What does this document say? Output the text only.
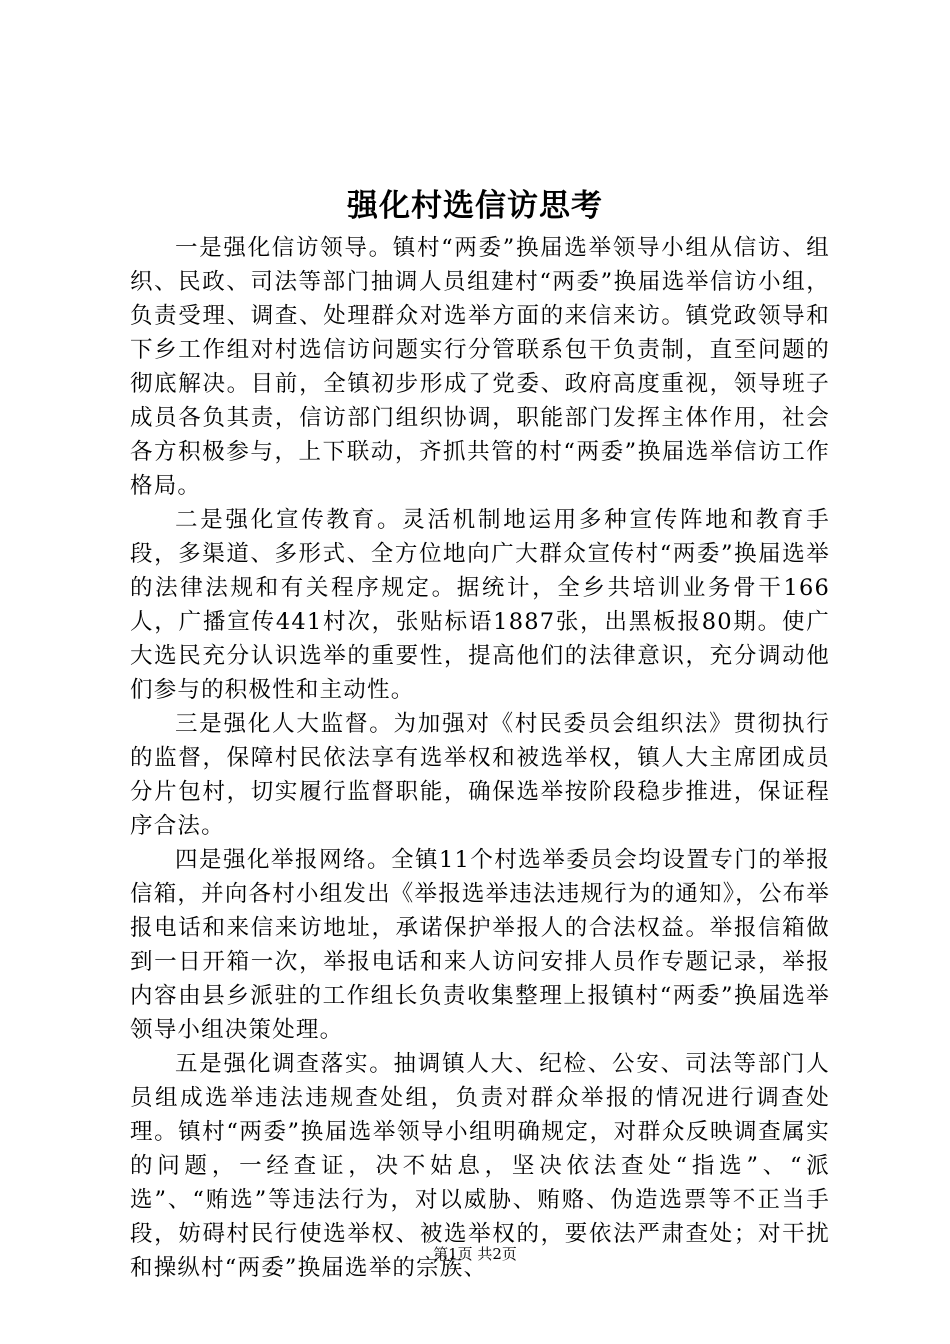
强化村选信访思考

一是强化信访领导。镇村“两委”换届选举领导小组从信访、组织、民政、司法等部门抽调人员组建村“两委”换届选举信访小组，负责受理、调查、处理群众对选举方面的来信来访。镇党政领导和下乡工作组对村选信访问题实行分管联系包干负责制，直至问题的彻底解决。目前，全镇初步形成了党委、政府高度重视，领导班子成员各负其责，信访部门组织协调，职能部门发挥主体作用，社会各方积极参与，上下联动，齐抓共管的村“两委”换届选举信访工作格局。

二是强化宣传教育。灵活机制地运用多种宣传阵地和教育手段，多渠道、多形式、全方位地向广大群众宣传村“两委”换届选举的法律法规和有关程序规定。据统计，全乡共培训业务骨干166人，广播宣传441村次，张贴标语1887张，出黑板报80期。使广大选民充分认识选举的重要性，提高他们的法律意识，充分调动他们参与的积极性和主动性。

三是强化人大监督。为加强对《村民委员会组织法》贯彻执行的监督，保障村民依法享有选举权和被选举权，镇人大主席团成员分片包村，切实履行监督职能，确保选举按阶段稳步推进，保证程序合法。

四是强化举报网络。全镇11个村选举委员会均设置专门的举报信箱，并向各村小组发出《举报选举违法违规行为的通知》，公布举报电话和来信来访地址，承诺保护举报人的合法权益。举报信箱做到一日开箱一次，举报电话和来人访问安排人员作专题记录，举报内容由县乡派驻的工作组长负责收集整理上报镇村“两委”换届选举领导小组决策处理。

五是强化调查落实。抽调镇人大、纪检、公安、司法等部门人员组成选举违法违规查处组，负责对群众举报的情况进行调查处理。镇村“两委”换届选举领导小组明确规定，对群众反映调查属实的问题，一经查证，决不姑息，坚决依法查处“指选”、“派选”、“贿选”等违法行为，对以威胁、贿赂、伪造选票等不正当手段，妨碍村民行使选举权、被选举权的，要依法严肃查处；对干扰和操纵村“两委”换届选举的宗族、

第1页 共2页
